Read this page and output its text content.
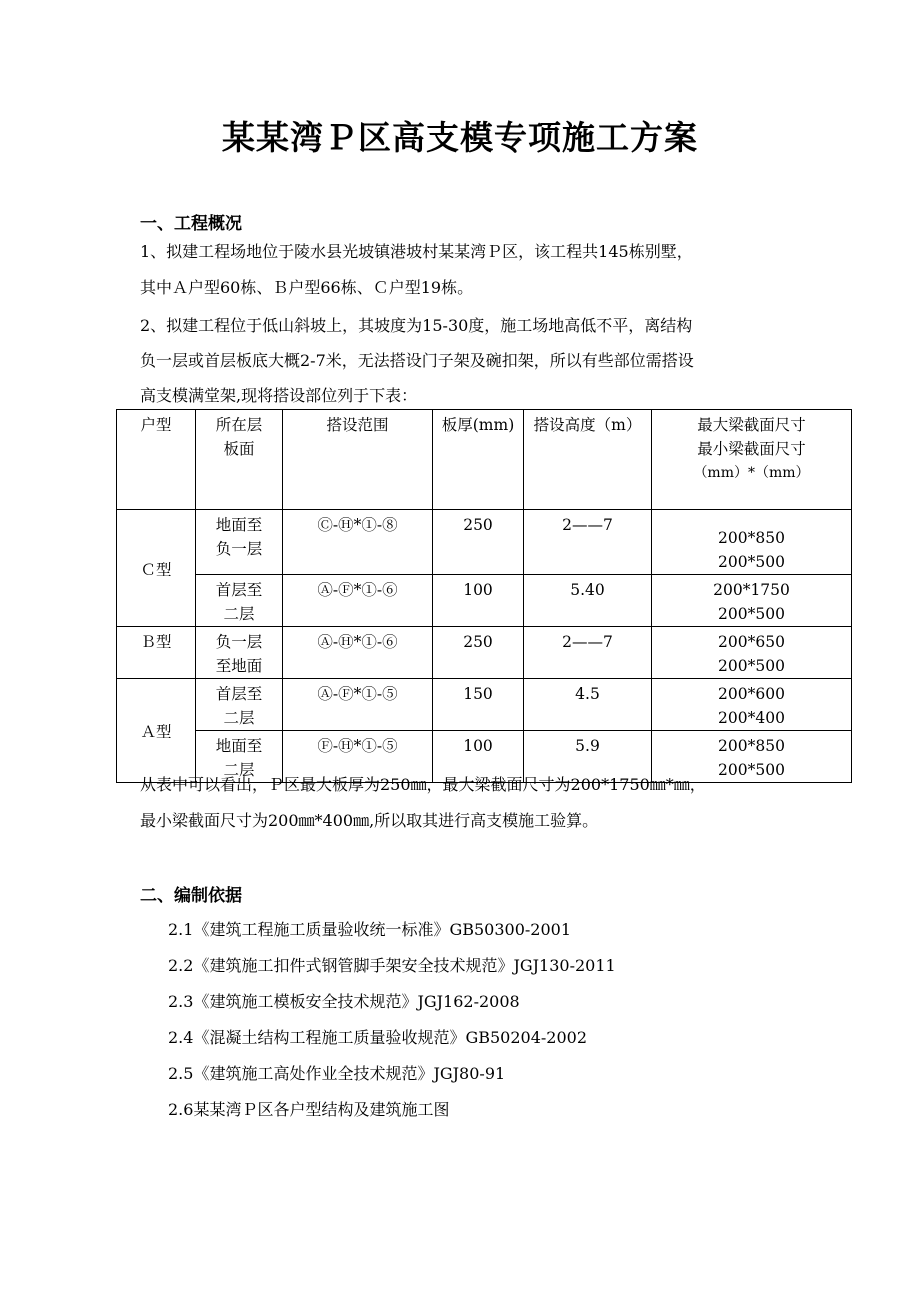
某某湾Ｐ区高支模专项施工方案
一、工程概况
1、拟建工程场地位于陵水县光坡镇港坡村某某湾Ｐ区，该工程共145栋别墅，
其中Ａ户型60栋、Ｂ户型66栋、Ｃ户型19栋。
2、拟建工程位于低山斜坡上，其坡度为15-30度，施工场地高低不平，离结构
负一层或首层板底大概2-7米，无法搭设门子架及碗扣架，所以有些部位需搭设
高支模满堂架,现将搭设部位列于下表：
户型	所在层
板面	搭设范围	板厚(mm)	搭设高度（m）	最大梁截面尺寸
最小梁截面尺寸
（mm）*（mm）

Ｃ型	地面至
负一层	Ⓒ-Ⓗ*①-⑧	250	2——7	200*850
200*500

	首层至
二层	Ⓐ-Ⓕ*①-⑥	100	5.40	200*1750
200*500

Ｂ型	负一层
至地面	Ⓐ-Ⓗ*①-⑥	250	2——7	200*650
200*500

Ａ型	首层至
二层	Ⓐ-Ⓕ*①-⑤	150	4.5	200*600
200*400

	地面至
二层	Ⓕ-Ⓗ*①-⑤	100	5.9	200*850
200*500
从表中可以看出，Ｐ区最大板厚为250㎜，最大梁截面尺寸为200*1750㎜*㎜，
最小梁截面尺寸为200㎜*400㎜,所以取其进行高支模施工验算。
二、编制依据
2.1《建筑工程施工质量验收统一标准》GB50300-2001
2.2《建筑施工扣件式钢管脚手架安全技术规范》JGJ130-2011
2.3《建筑施工模板安全技术规范》JGJ162-2008
2.4《混凝土结构工程施工质量验收规范》GB50204-2002
2.5《建筑施工高处作业全技术规范》JGJ80-91
2.6某某湾Ｐ区各户型结构及建筑施工图
